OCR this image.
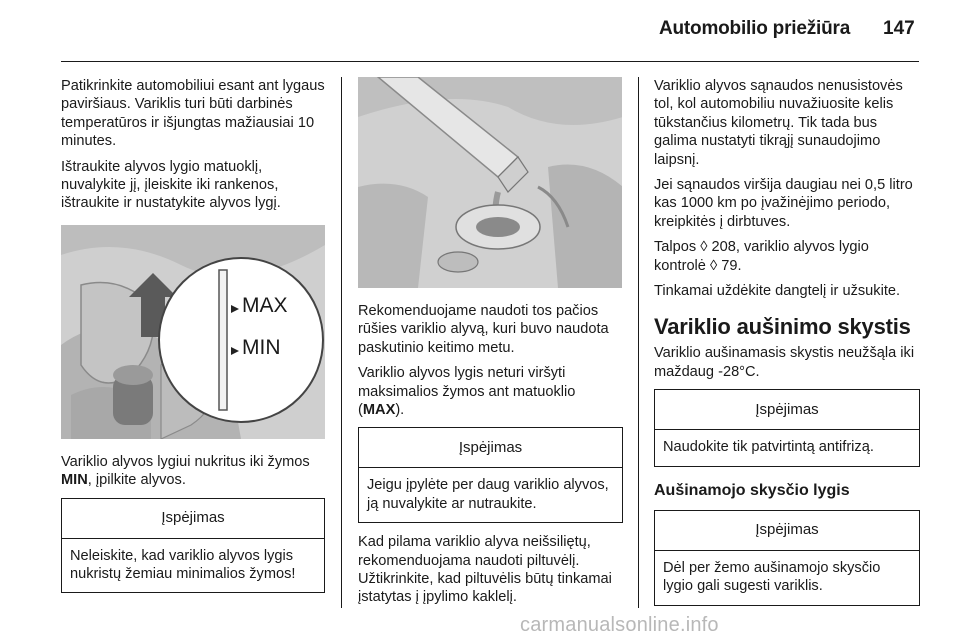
Automobilio priežiūra 147

Patikrinkite automobiliui esant ant lygaus paviršiaus. Variklis turi būti darbinės temperatūros ir išjungtas mažiausiai 10 minutes.

Ištraukite alyvos lygio matuoklį, nuvalykite jį, įleiskite iki rankenos, ištraukite ir nustatykite alyvos lygį.

MAX
MIN

Variklio alyvos lygiui nukritus iki žymos MIN, įpilkite alyvos.

Įspėjimas
Neleiskite, kad variklio alyvos lygis nukristų žemiau minimalios žymos!

Rekomenduojame naudoti tos pačios rūšies variklio alyvą, kuri buvo naudota paskutinio keitimo metu.

Variklio alyvos lygis neturi viršyti maksimalios žymos ant matuoklio (MAX).

Įspėjimas
Jeigu įpylėte per daug variklio alyvos, ją nuvalykite ar nutraukite.

Kad pilama variklio alyva neišsiliętų, rekomenduojama naudoti piltuvėlį. Užtikrinkite, kad piltuvėlis būtų tinkamai įstatytas į įpylimo kaklelį.

Variklio alyvos sąnaudos nenusistovės tol, kol automobiliu nuvažiuosite kelis tūkstančius kilometrų. Tik tada bus galima nustatyti tikrąjį sunaudojimo laipsnį.

Jei sąnaudos viršija daugiau nei 0,5 litro kas 1000 km po įvažinėjimo periodo, kreipkitės į dirbtuves.

Talpos ◊ 208, variklio alyvos lygio kontrolė ◊ 79.

Tinkamai uždėkite dangtelį ir užsukite.

Variklio aušinimo skystis

Variklio aušinamasis skystis neužšąla iki maždaug -28°C.

Įspėjimas
Naudokite tik patvirtintą antifrizą.
Aušinamojo skysčio lygis
Įspėjimas
Dėl per žemo aušinamojo skysčio lygio gali sugesti variklis.
carmanualsonline.info
